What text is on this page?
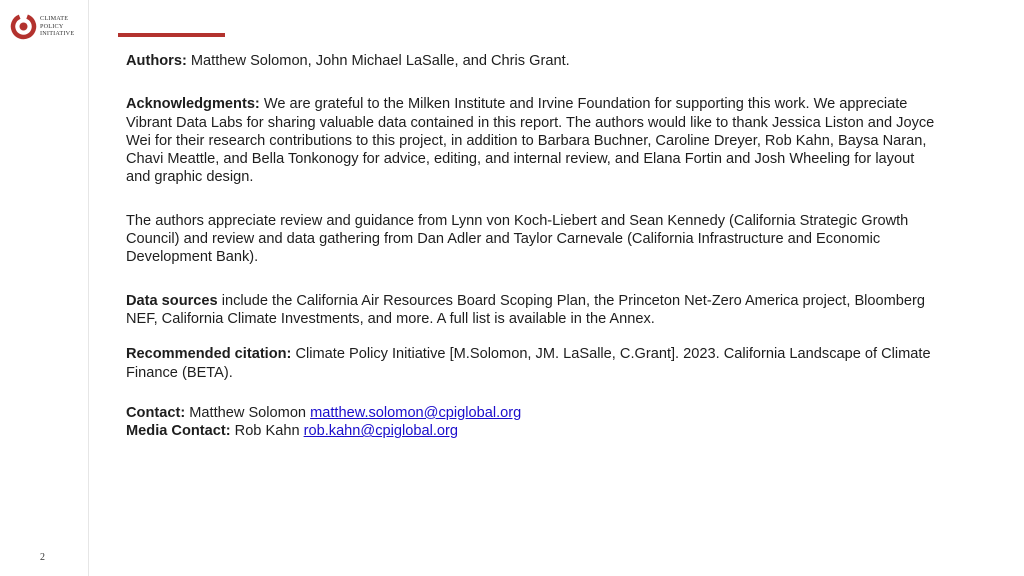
CLIMATE
POLICY
INITIATIVE
2

Authors: Matthew Solomon, John Michael LaSalle, and Chris Grant.

Acknowledgments: We are grateful to the Milken Institute and Irvine Foundation for supporting this work. We appreciate Vibrant Data Labs for sharing valuable data contained in this report. The authors would like to thank Jessica Liston and Joyce Wei for their research contributions to this project, in addition to Barbara Buchner, Caroline Dreyer, Rob Kahn, Baysa Naran, Chavi Meattle, and Bella Tonkonogy for advice, editing, and internal review, and Elana Fortin and Josh Wheeling for layout and graphic design.

The authors appreciate review and guidance from Lynn von Koch-Liebert and Sean Kennedy (California Strategic Growth Council) and review and data gathering from Dan Adler and Taylor Carnevale (California Infrastructure and Economic Development Bank).

Data sources include the California Air Resources Board Scoping Plan, the Princeton Net-Zero America project, Bloomberg NEF, California Climate Investments, and more. A full list is available in the Annex.

Recommended citation: Climate Policy Initiative [M.Solomon, JM. LaSalle, C.Grant]. 2023. California Landscape of Climate Finance (BETA).

Contact: Matthew Solomon matthew.solomon@cpiglobal.org

Media Contact: Rob Kahn rob.kahn@cpiglobal.org
